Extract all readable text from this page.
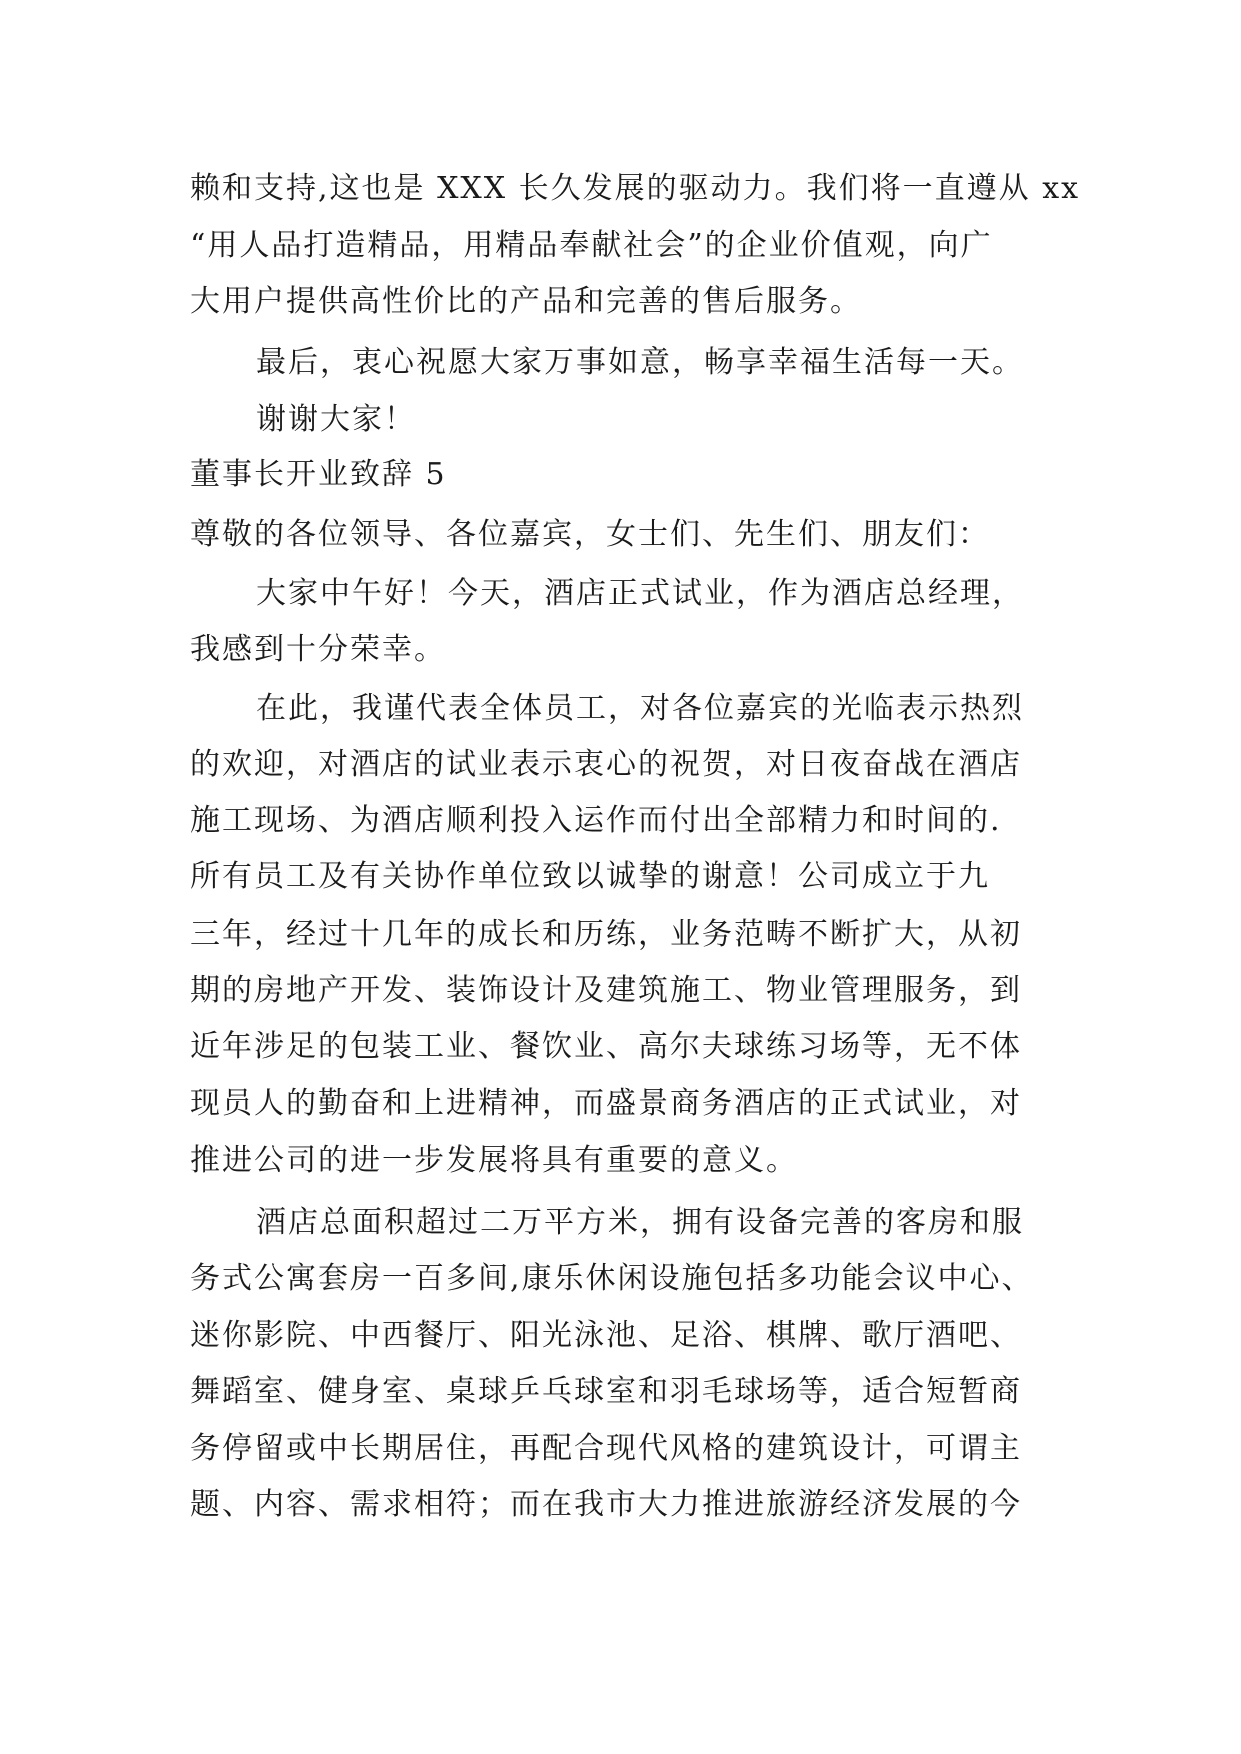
赖和支持,这也是 XXX 长久发展的驱动力。我们将一直遵从 xx
“用人品打造精品，用精品奉献社会”的企业价值观，向广
大用户提供高性价比的产品和完善的售后服务。
最后，衷心祝愿大家万事如意，畅享幸福生活每一天。
谢谢大家！
董事长开业致辞 5
尊敬的各位领导、各位嘉宾，女士们、先生们、朋友们：
大家中午好！今天，酒店正式试业，作为酒店总经理，
我感到十分荣幸。
在此，我谨代表全体员工，对各位嘉宾的光临表示热烈
的欢迎，对酒店的试业表示衷心的祝贺，对日夜奋战在酒店
施工现场、为酒店顺利投入运作而付出全部精力和时间的.
所有员工及有关协作单位致以诚挚的谢意！公司成立于九
三年，经过十几年的成长和历练，业务范畴不断扩大，从初
期的房地产开发、装饰设计及建筑施工、物业管理服务，到
近年涉足的包装工业、餐饮业、高尔夫球练习场等，无不体
现员人的勤奋和上进精神，而盛景商务酒店的正式试业，对
推进公司的进一步发展将具有重要的意义。
酒店总面积超过二万平方米，拥有设备完善的客房和服
务式公寓套房一百多间,康乐休闲设施包括多功能会议中心、
迷你影院、中西餐厅、阳光泳池、足浴、棋牌、歌厅酒吧、
舞蹈室、健身室、桌球乒乓球室和羽毛球场等，适合短暂商
务停留或中长期居住，再配合现代风格的建筑设计，可谓主
题、内容、需求相符；而在我市大力推进旅游经济发展的今
